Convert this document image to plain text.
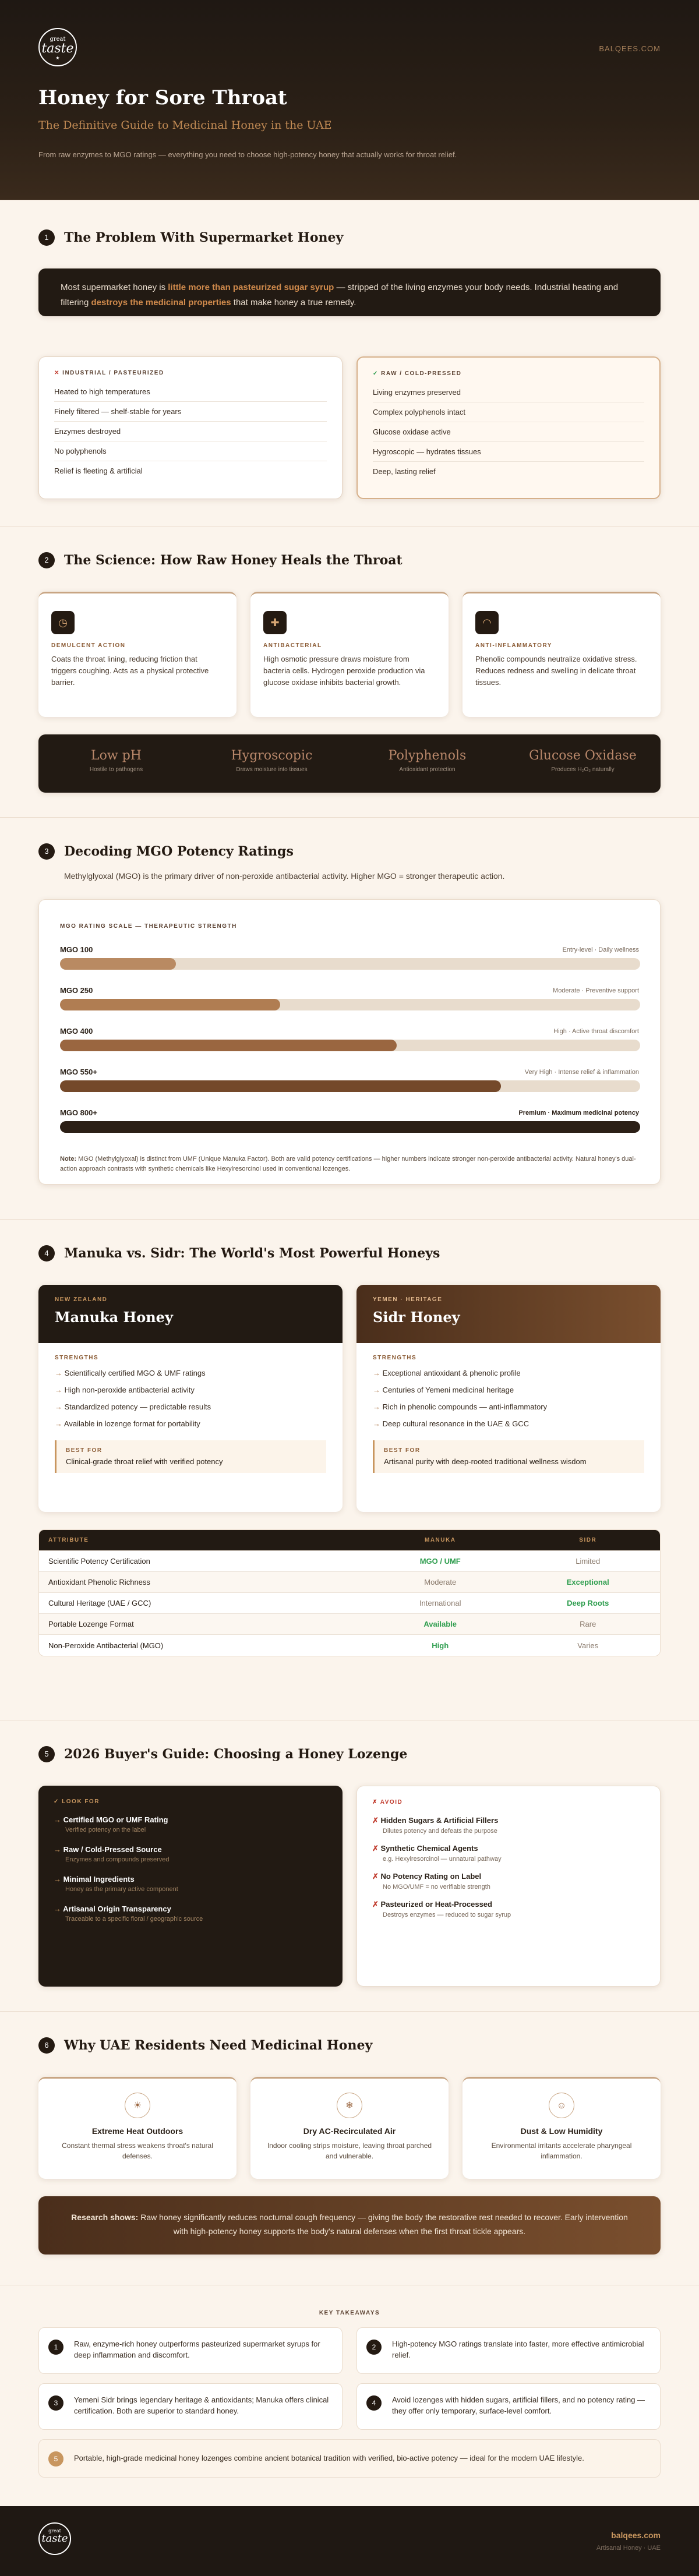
great
taste
★
BALQEES.COM
Honey for Sore Throat
The Definitive Guide to Medicinal Honey in the UAE
From raw enzymes to MGO ratings — everything you need to choose high-potency honey that actually works for throat relief.
1	The Problem With Supermarket Honey
Most supermarket honey is little more than pasteurized sugar syrup — stripped of the living enzymes your body needs. Industrial heating and filtering destroys the medicinal properties that make honey a true remedy.
✕ INDUSTRIAL / PASTEURIZED
Heated to high temperatures
Finely filtered — shelf-stable for years
Enzymes destroyed
No polyphenols
Relief is fleeting & artificial
✓ RAW / COLD-PRESSED
Living enzymes preserved
Complex polyphenols intact
Glucose oxidase active
Hygroscopic — hydrates tissues
Deep, lasting relief
2	The Science: How Raw Honey Heals the Throat
◷
DEMULCENT ACTION
Coats the throat lining, reducing friction that triggers coughing. Acts as a physical protective barrier.
✚
ANTIBACTERIAL
High osmotic pressure draws moisture from bacteria cells. Hydrogen peroxide production via glucose oxidase inhibits bacterial growth.
◠
ANTI-INFLAMMATORY
Phenolic compounds neutralize oxidative stress. Reduces redness and swelling in delicate throat tissues.
Low pH
Hostile to pathogens
Hygroscopic
Draws moisture into tissues
Polyphenols
Antioxidant protection
Glucose Oxidase
Produces H₂O₂ naturally
3	Decoding MGO Potency Ratings
Methylglyoxal (MGO) is the primary driver of non-peroxide antibacterial activity. Higher MGO = stronger therapeutic action.
MGO RATING SCALE — THERAPEUTIC STRENGTH
MGO 100	Entry-level · Daily wellness
MGO 250	Moderate · Preventive support
MGO 400	High · Active throat discomfort
MGO 550+	Very High · Intense relief & inflammation
MGO 800+	Premium · Maximum medicinal potency
Note: MGO (Methylglyoxal) is distinct from UMF (Unique Manuka Factor). Both are valid potency certifications — higher numbers indicate stronger non-peroxide antibacterial activity. Natural honey's dual-action approach contrasts with synthetic chemicals like Hexylresorcinol used in conventional lozenges.
4	Manuka vs. Sidr: The World's Most Powerful Honeys
NEW ZEALAND
Manuka Honey
STRENGTHS
→ Scientifically certified MGO & UMF ratings
→ High non-peroxide antibacterial activity
→ Standardized potency — predictable results
→ Available in lozenge format for portability
BEST FOR
Clinical-grade throat relief with verified potency
YEMEN · HERITAGE
Sidr Honey
STRENGTHS
→ Exceptional antioxidant & phenolic profile
→ Centuries of Yemeni medicinal heritage
→ Rich in phenolic compounds — anti-inflammatory
→ Deep cultural resonance in the UAE & GCC
BEST FOR
Artisanal purity with deep-rooted traditional wellness wisdom
ATTRIBUTE	MANUKA	SIDR
Scientific Potency Certification	MGO / UMF	Limited
Antioxidant Phenolic Richness	Moderate	Exceptional
Cultural Heritage (UAE / GCC)	International	Deep Roots
Portable Lozenge Format	Available	Rare
Non-Peroxide Antibacterial (MGO)	High	Varies
5	2026 Buyer's Guide: Choosing a Honey Lozenge
✓ LOOK FOR
→ Certified MGO or UMF Rating
Verified potency on the label
→ Raw / Cold-Pressed Source
Enzymes and compounds preserved
→ Minimal Ingredients
Honey as the primary active component
→ Artisanal Origin Transparency
Traceable to a specific floral / geographic source
✗ AVOID
✗ Hidden Sugars & Artificial Fillers
Dilutes potency and defeats the purpose
✗ Synthetic Chemical Agents
e.g. Hexylresorcinol — unnatural pathway
✗ No Potency Rating on Label
No MGO/UMF = no verifiable strength
✗ Pasteurized or Heat-Processed
Destroys enzymes — reduced to sugar syrup
6	Why UAE Residents Need Medicinal Honey
☀
Extreme Heat Outdoors
Constant thermal stress weakens throat's natural defenses.
❄
Dry AC-Recirculated Air
Indoor cooling strips moisture, leaving throat parched and vulnerable.
☺
Dust & Low Humidity
Environmental irritants accelerate pharyngeal inflammation.
Research shows: Raw honey significantly reduces nocturnal cough frequency — giving the body the restorative rest needed to recover. Early intervention with high-potency honey supports the body's natural defenses when the first throat tickle appears.
KEY TAKEAWAYS
1	Raw, enzyme-rich honey outperforms pasteurized supermarket syrups for deep inflammation and discomfort.
2	High-potency MGO ratings translate into faster, more effective antimicrobial relief.
3	Yemeni Sidr brings legendary heritage & antioxidants; Manuka offers clinical certification. Both are superior to standard honey.
4	Avoid lozenges with hidden sugars, artificial fillers, and no potency rating — they offer only temporary, surface-level comfort.
5	Portable, high-grade medicinal honey lozenges combine ancient botanical tradition with verified, bio-active potency — ideal for the modern UAE lifestyle.
great
taste	balqees.com
Artisanal Honey · UAE
